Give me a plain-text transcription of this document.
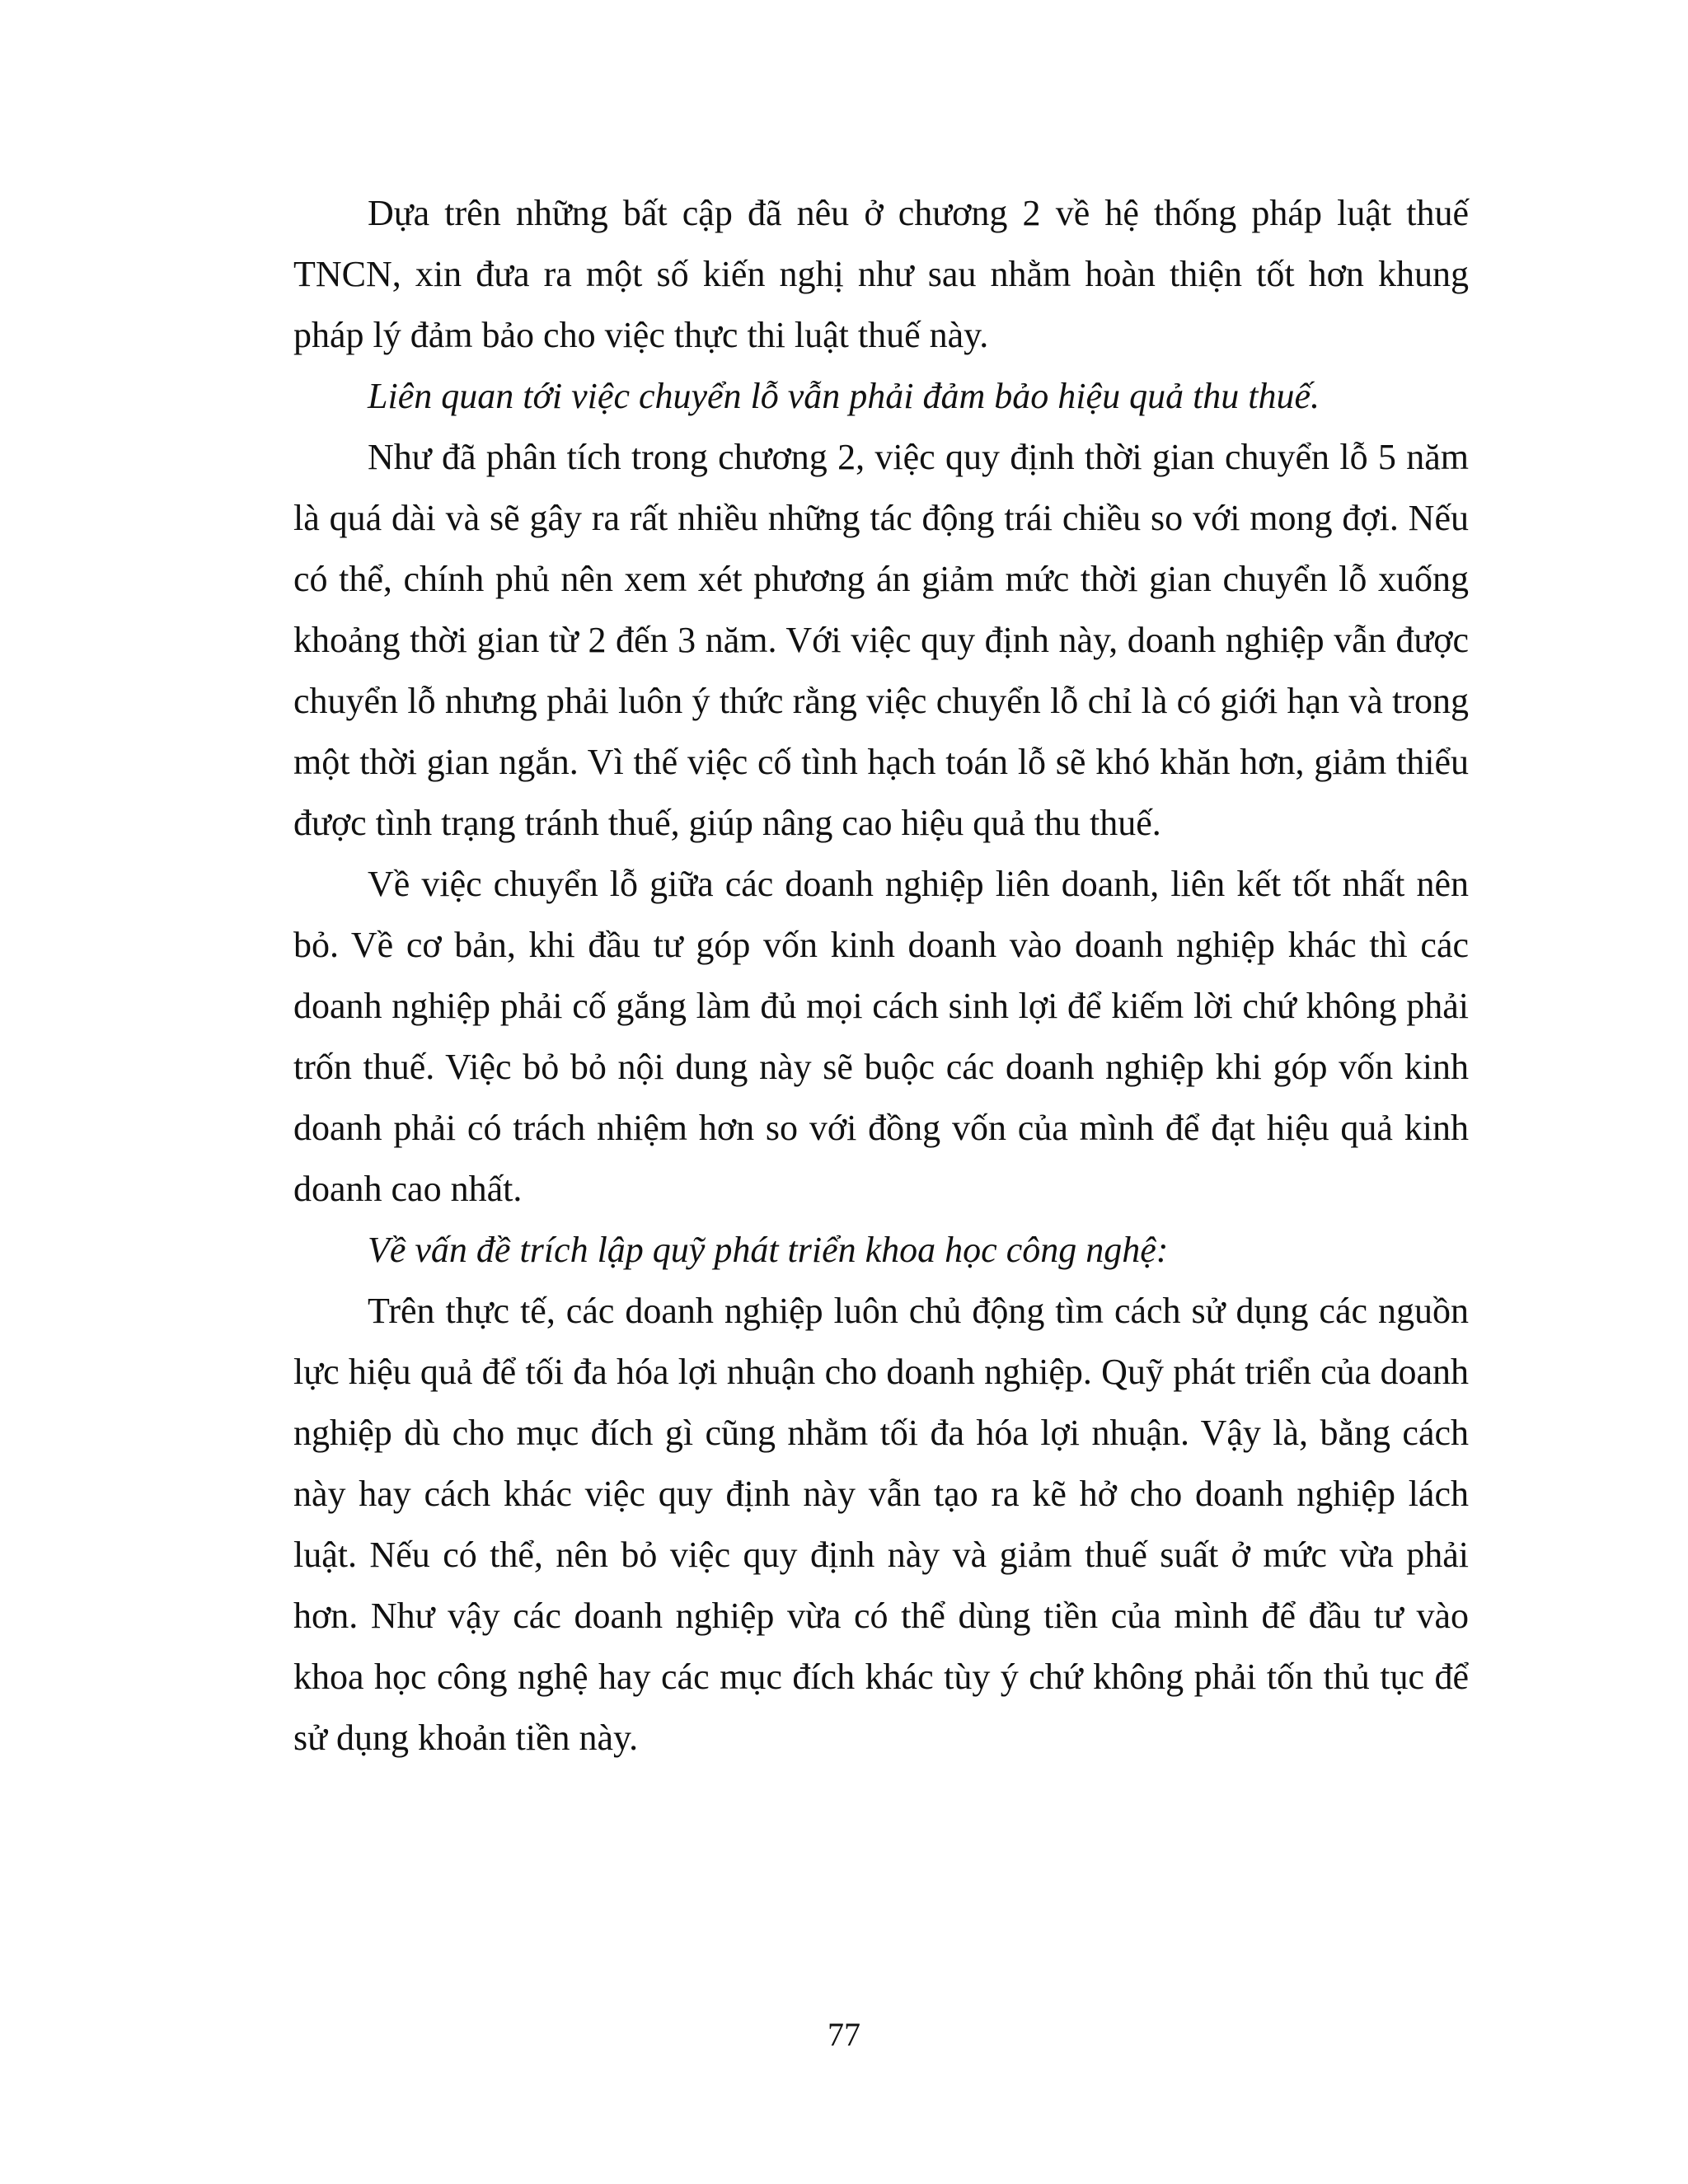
Dựa trên những bất cập đã nêu ở chương 2 về hệ thống pháp luật thuế TNCN, xin đưa ra một số kiến nghị như sau nhằm hoàn thiện tốt hơn khung pháp lý đảm bảo cho việc thực thi luật thuế này.

Liên quan tới việc chuyển lỗ vẫn phải đảm bảo hiệu quả thu thuế.

Như đã phân tích trong chương 2, việc quy định thời gian chuyển lỗ 5 năm là quá dài và sẽ gây ra rất nhiều những tác động trái chiều so với mong đợi. Nếu có thể, chính phủ nên xem xét phương án giảm mức thời gian chuyển lỗ xuống khoảng thời gian từ 2 đến 3 năm. Với việc quy định này, doanh nghiệp vẫn được chuyển lỗ nhưng phải luôn ý thức rằng việc chuyển lỗ chỉ là có giới hạn và trong một thời gian ngắn. Vì thế việc cố tình hạch toán lỗ sẽ khó khăn hơn, giảm thiểu được tình trạng tránh thuế, giúp nâng cao hiệu quả thu thuế.

Về việc chuyển lỗ giữa các doanh nghiệp liên doanh, liên kết tốt nhất nên bỏ. Về cơ bản, khi đầu tư góp vốn kinh doanh vào doanh nghiệp khác thì các doanh nghiệp phải cố gắng làm đủ mọi cách sinh lợi để kiếm lời chứ không phải trốn thuế. Việc bỏ bỏ nội dung này sẽ buộc các doanh nghiệp khi góp vốn kinh doanh phải có trách nhiệm hơn so với đồng vốn của mình để đạt hiệu quả kinh doanh cao nhất.

Về vấn đề trích lập quỹ phát triển khoa học công nghệ:

Trên thực tế, các doanh nghiệp luôn chủ động tìm cách sử dụng các nguồn lực hiệu quả để tối đa hóa lợi nhuận cho doanh nghiệp. Quỹ phát triển của doanh nghiệp dù cho mục đích gì cũng nhằm tối đa hóa lợi nhuận. Vậy là, bằng cách này hay cách khác việc quy định này vẫn tạo ra kẽ hở cho doanh nghiệp lách luật. Nếu có thể, nên bỏ việc quy định này và giảm thuế suất ở mức vừa phải hơn. Như vậy các doanh nghiệp vừa có thể dùng tiền của mình để đầu tư vào khoa học công nghệ hay các mục đích khác tùy ý chứ không phải tốn thủ tục để sử dụng khoản tiền này.

77
